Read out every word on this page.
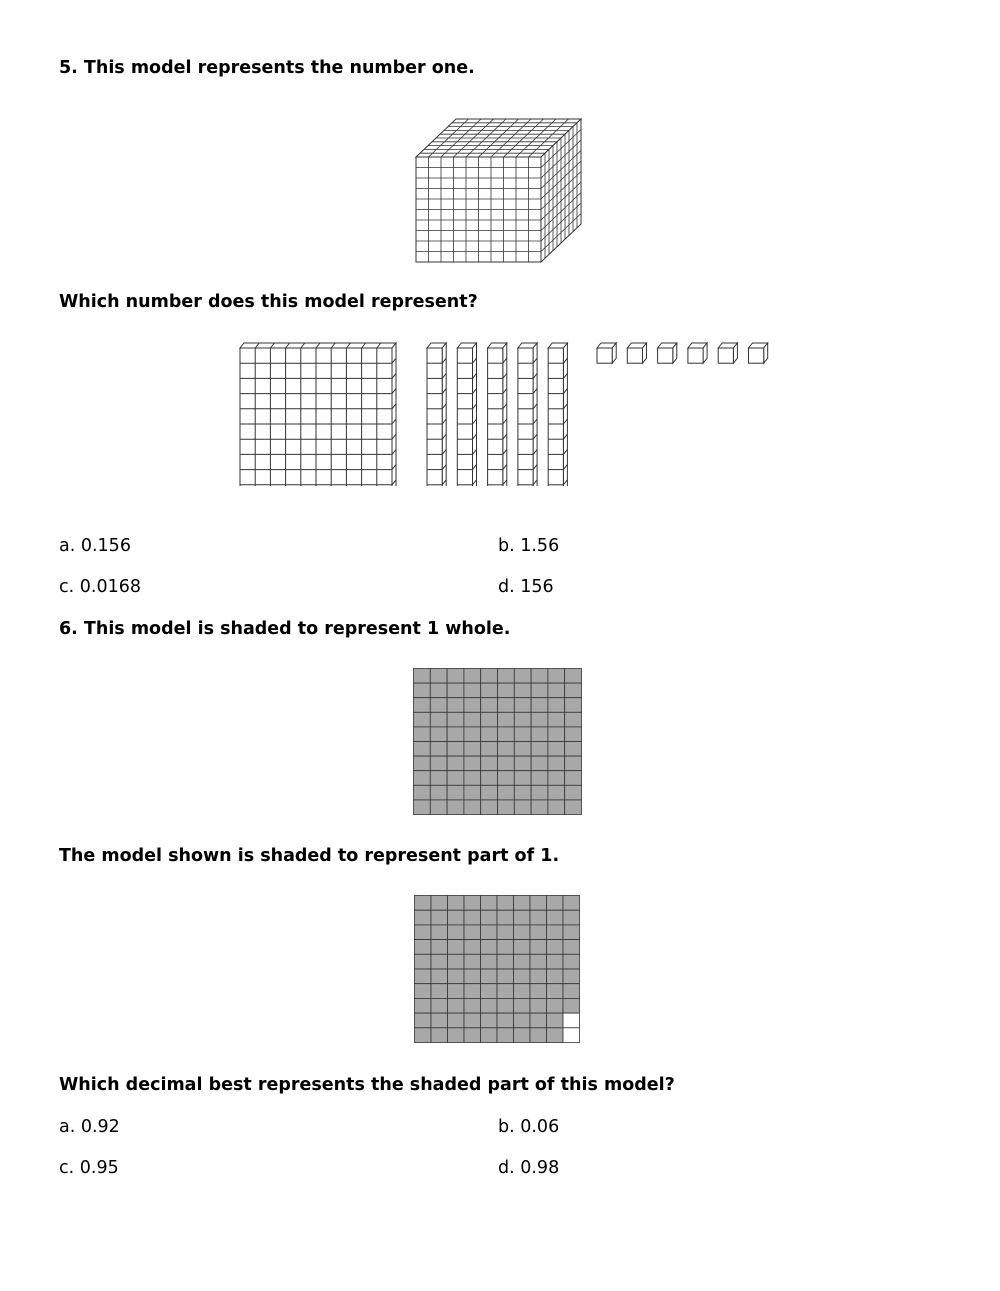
5. This model represents the number one.
Which number does this model represent?
a. 0.156	b. 1.56
c. 0.0168	d. 156
6. This model is shaded to represent 1 whole.
The model shown is shaded to represent part of 1.
Which decimal best represents the shaded part of this model?
a. 0.92	b. 0.06
c. 0.95	d. 0.98
